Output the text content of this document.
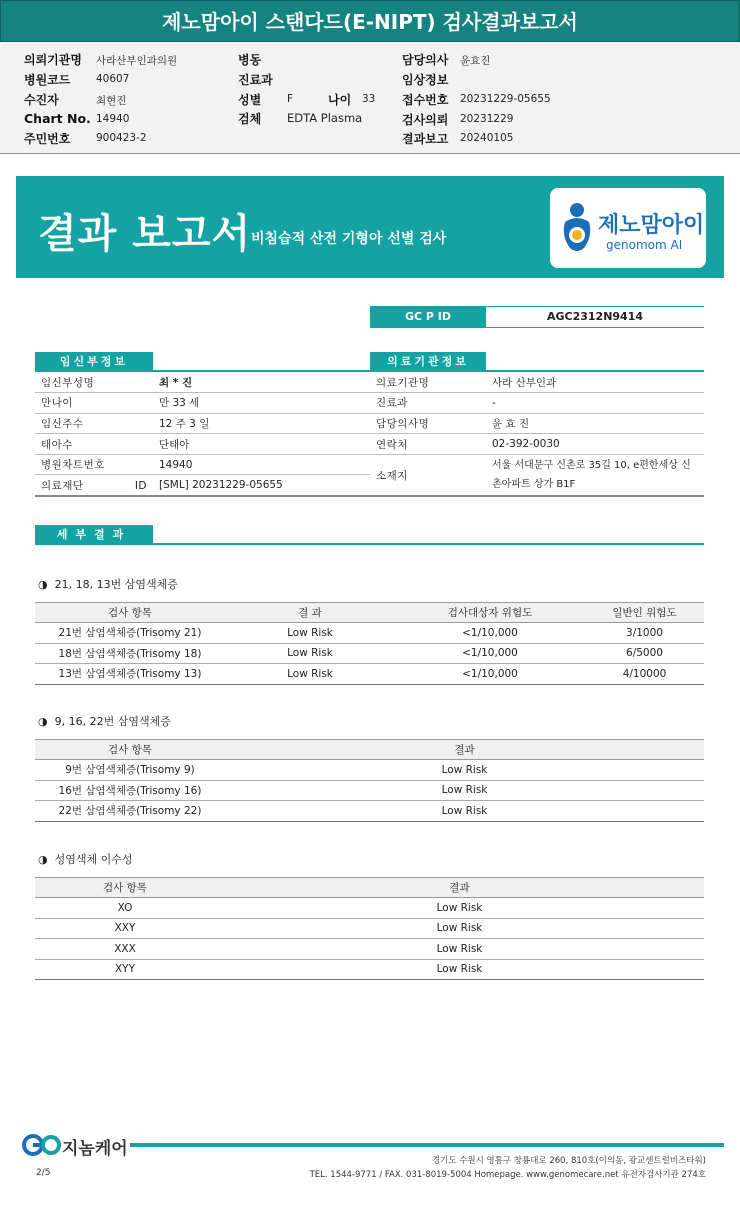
제노맘아이 스탠다드(E-NIPT) 검사결과보고서
의뢰기관명 사라산부인과의원
병원코드 40607
수진자	최현진
Chart No. 14940
주민번호 900423-2
병동
진료과
성별 F	나이 33
검체 EDTA Plasma
담당의사 윤효진
임상정보
접수번호 20231229-05655
검사의뢰 20231229
결과보고 20240105
결과 보고서 비침습적 산전 기형아 선별 검사
제노맘아이
genomom AI
GC P ID	AGC2312N9414
임신부정보
임신부성명	최 * 진
만나이	만 33 세
임신주수	12 주 3 일
태아수	단태아
병원차트번호	14940
의료재단 ID	[SML] 20231229-05655
의료기관정보
의료기관명	사라 산부인과
진료과	-
담당의사명	윤 효 진
연락처	02-392-0030
소재지	서울 서대문구 신촌로 35길 10, e편한세상 신촌아파트 상가 B1F
세부결과
◑ 21, 18, 13번 삼염색체증
검사 항목	결 과	검사대상자 위험도	일반인 위험도
21번 삼염색체증(Trisomy 21)	Low Risk	<1/10,000	3/1000
18번 삼염색체증(Trisomy 18)	Low Risk	<1/10,000	6/5000
13번 삼염색체증(Trisomy 13)	Low Risk	<1/10,000	4/10000
◑ 9, 16, 22번 삼염색체증
검사 항목	결과
9번 삼염색체증(Trisomy 9)	Low Risk
16번 삼염색체증(Trisomy 16)	Low Risk
22번 삼염색체증(Trisomy 22)	Low Risk
◑ 성염색체 이수성
검사 항목	결과
XO	Low Risk
XXY	Low Risk
XXX	Low Risk
XYY	Low Risk
지놈케어
경기도 수원시 영통구 창룡대로 260, 810호(이의동, 광교센트럴비즈타워)
TEL. 1544-9771 / FAX. 031-8019-5004 Homepage. www.genomecare.net 유전자검사기관 274호
2/5
